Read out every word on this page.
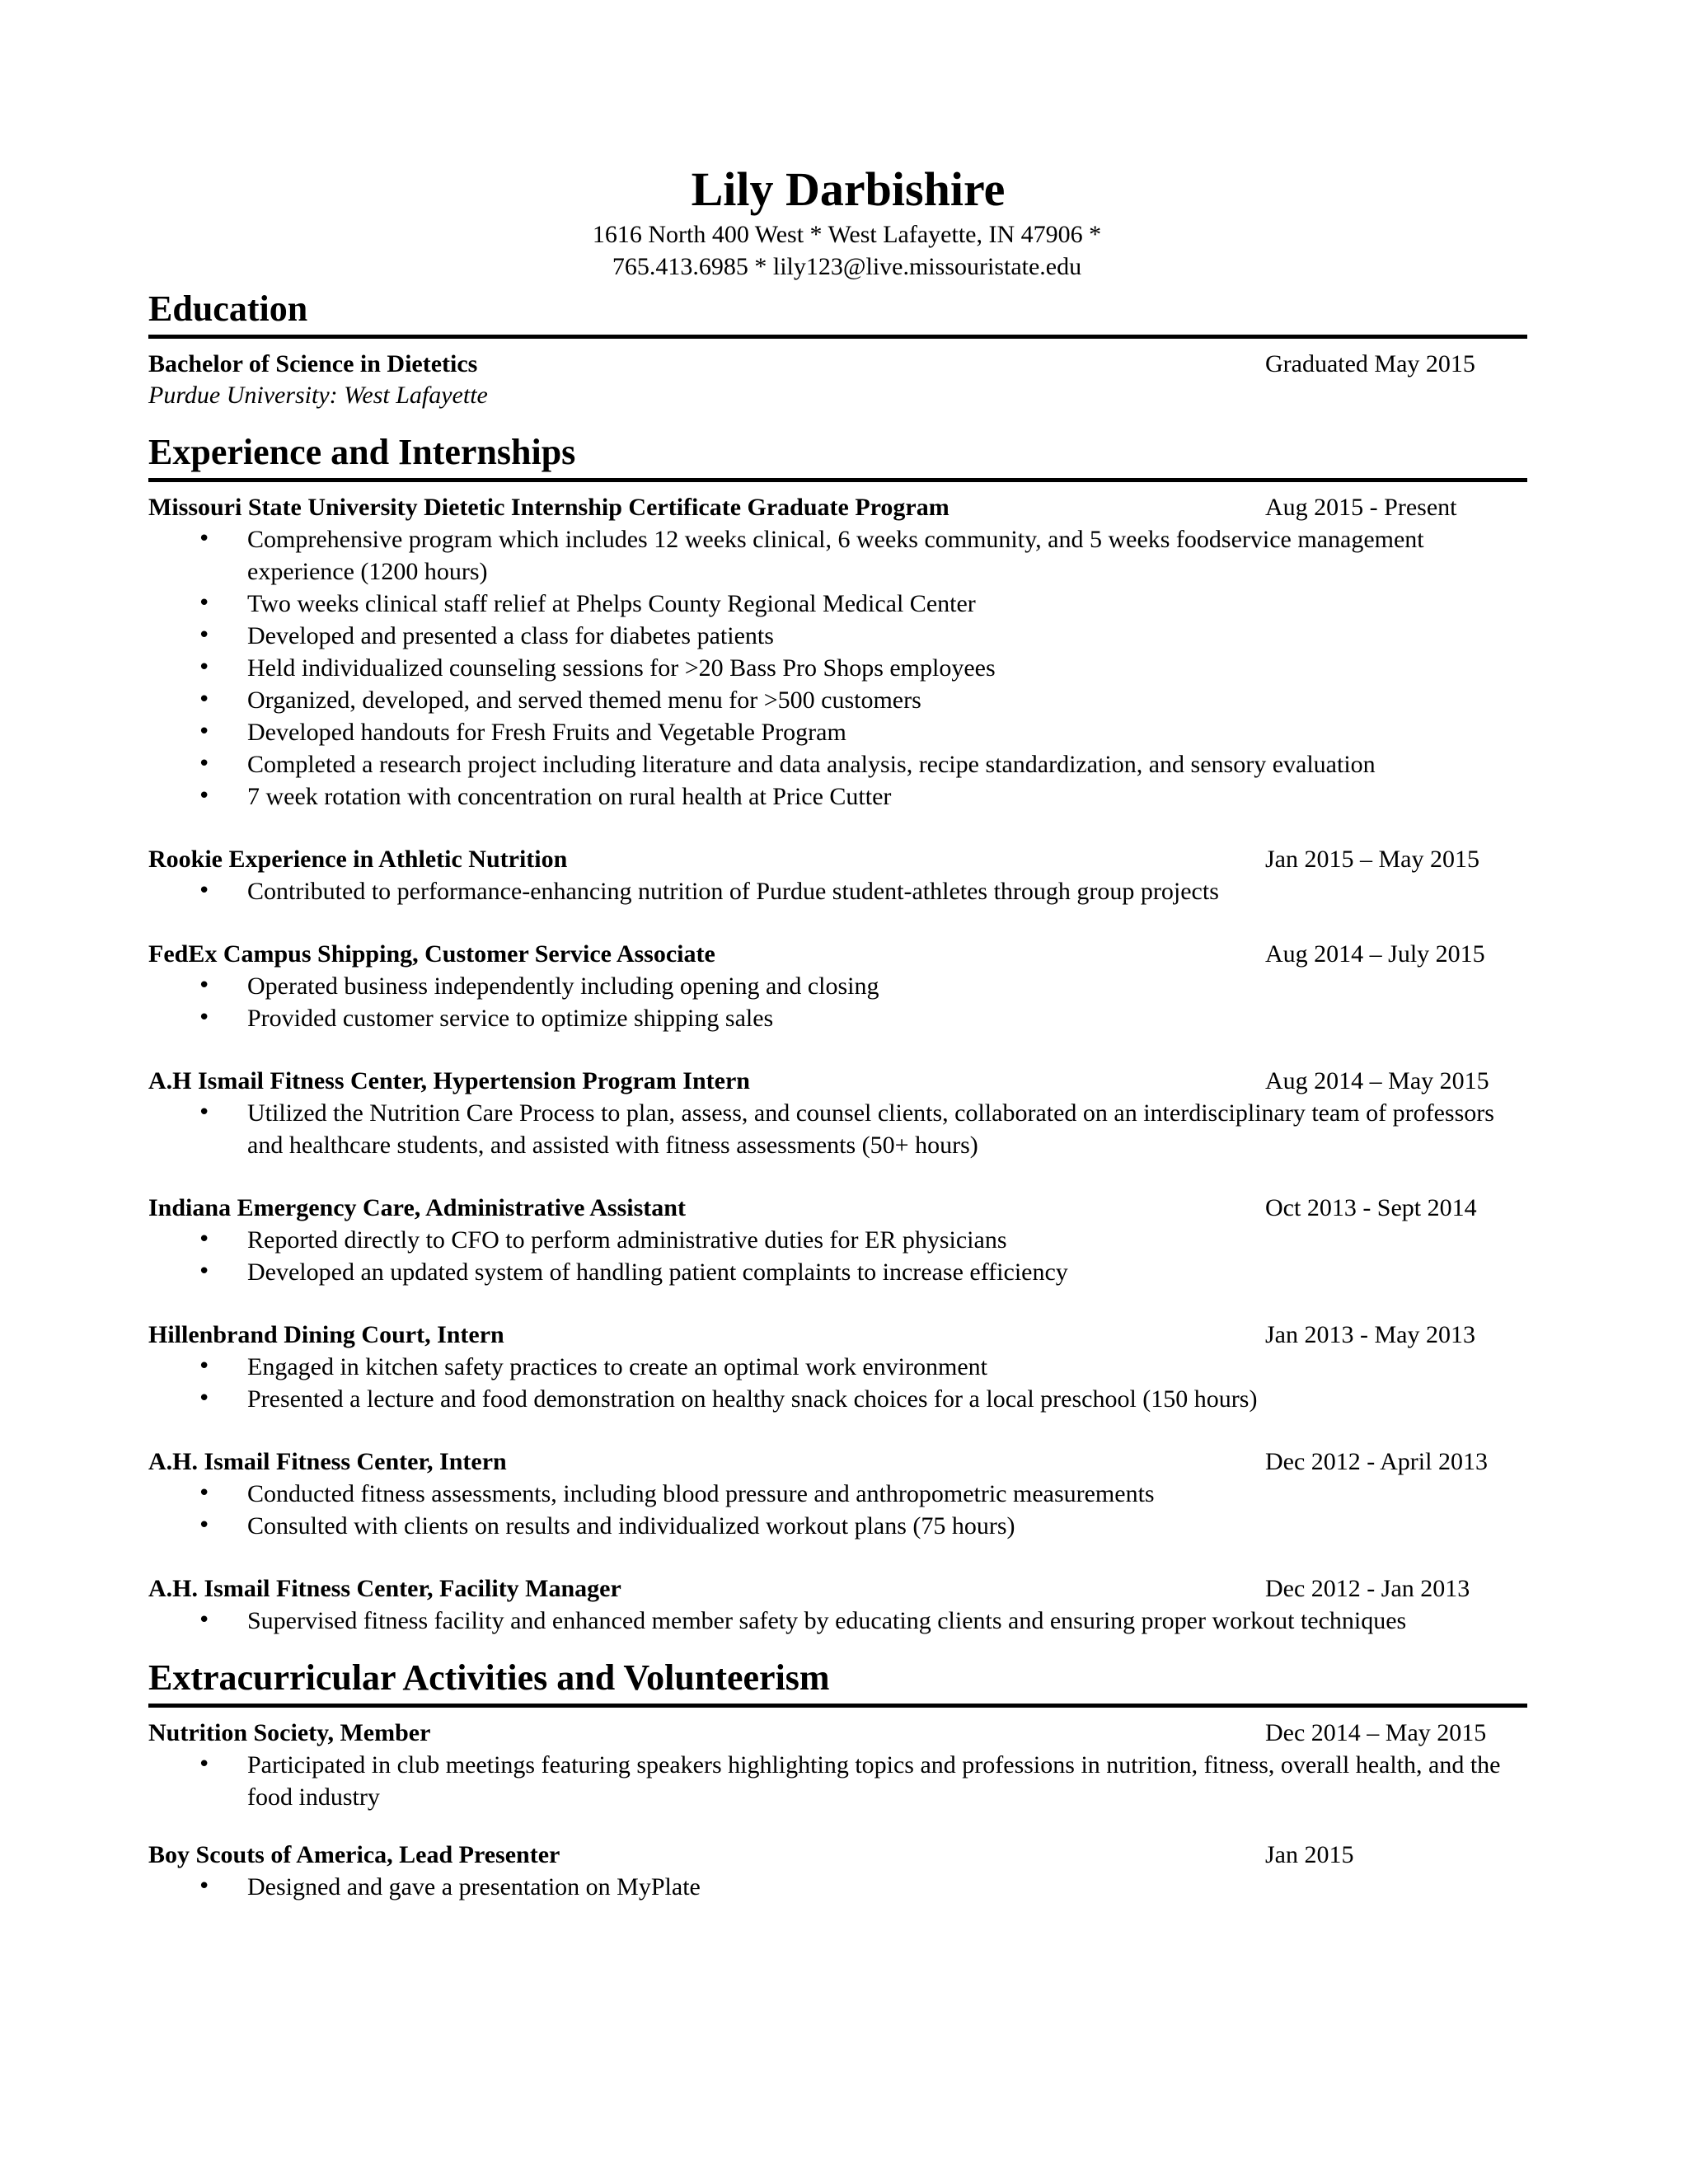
Lily Darbishire
1616 North 400 West * West Lafayette, IN 47906 *
765.413.6985 * lily123@live.missouristate.edu
Education
Bachelor of Science in Dietetics	Graduated May 2015
Purdue University: West Lafayette
Experience and Internships
Missouri State University Dietetic Internship Certificate Graduate Program	Aug 2015 - Present
• Comprehensive program which includes 12 weeks clinical, 6 weeks community, and 5 weeks foodservice management experience (1200 hours)
• Two weeks clinical staff relief at Phelps County Regional Medical Center
• Developed and presented a class for diabetes patients
• Held individualized counseling sessions for >20 Bass Pro Shops employees
• Organized, developed, and served themed menu for >500 customers
• Developed handouts for Fresh Fruits and Vegetable Program
• Completed a research project including literature and data analysis, recipe standardization, and sensory evaluation
• 7 week rotation with concentration on rural health at Price Cutter
Rookie Experience in Athletic Nutrition	Jan 2015 – May 2015
• Contributed to performance-enhancing nutrition of Purdue student-athletes through group projects
FedEx Campus Shipping, Customer Service Associate	Aug 2014 – July 2015
• Operated business independently including opening and closing
• Provided customer service to optimize shipping sales
A.H Ismail Fitness Center, Hypertension Program Intern	Aug 2014 – May 2015
• Utilized the Nutrition Care Process to plan, assess, and counsel clients, collaborated on an interdisciplinary team of professors and healthcare students, and assisted with fitness assessments (50+ hours)
Indiana Emergency Care, Administrative Assistant	Oct 2013 - Sept 2014
• Reported directly to CFO to perform administrative duties for ER physicians
• Developed an updated system of handling patient complaints to increase efficiency
Hillenbrand Dining Court, Intern	Jan 2013 - May 2013
• Engaged in kitchen safety practices to create an optimal work environment
• Presented a lecture and food demonstration on healthy snack choices for a local preschool (150 hours)
A.H. Ismail Fitness Center, Intern	Dec 2012 - April 2013
• Conducted fitness assessments, including blood pressure and anthropometric measurements
• Consulted with clients on results and individualized workout plans (75 hours)
A.H. Ismail Fitness Center, Facility Manager	Dec 2012 - Jan 2013
• Supervised fitness facility and enhanced member safety by educating clients and ensuring proper workout techniques
Extracurricular Activities and Volunteerism
Nutrition Society, Member	Dec 2014 – May 2015
• Participated in club meetings featuring speakers highlighting topics and professions in nutrition, fitness, overall health, and the food industry
Boy Scouts of America, Lead Presenter	Jan 2015
• Designed and gave a presentation on MyPlate
